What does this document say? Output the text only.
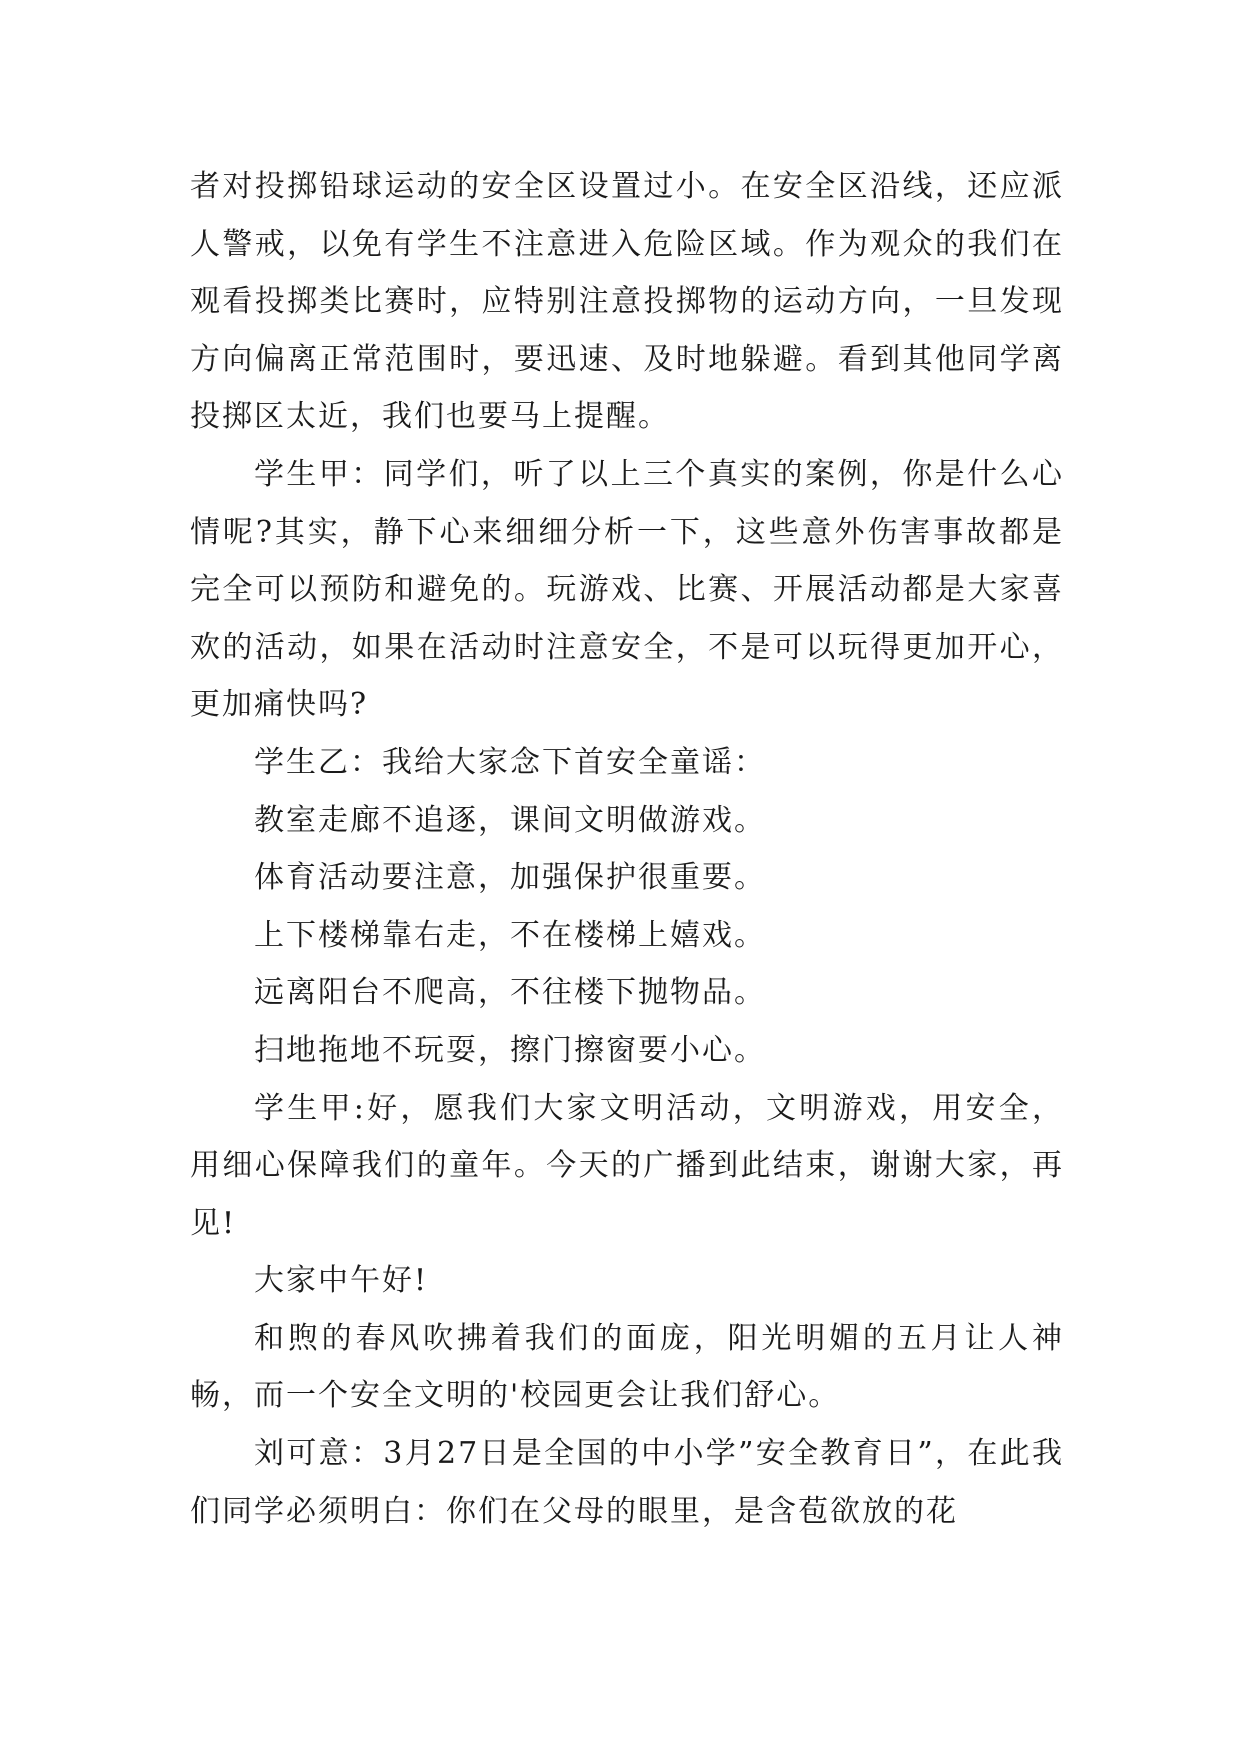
者对投掷铅球运动的安全区设置过小。在安全区沿线，还应派人警戒，以免有学生不注意进入危险区域。作为观众的我们在观看投掷类比赛时，应特别注意投掷物的运动方向，一旦发现方向偏离正常范围时，要迅速、及时地躲避。看到其他同学离投掷区太近，我们也要马上提醒。

学生甲：同学们，听了以上三个真实的案例，你是什么心情呢?其实，静下心来细细分析一下，这些意外伤害事故都是完全可以预防和避免的。玩游戏、比赛、开展活动都是大家喜欢的活动，如果在活动时注意安全，不是可以玩得更加开心，更加痛快吗?

学生乙：我给大家念下首安全童谣：

教室走廊不追逐，课间文明做游戏。

体育活动要注意，加强保护很重要。

上下楼梯靠右走，不在楼梯上嬉戏。

远离阳台不爬高，不往楼下抛物品。

扫地拖地不玩耍，擦门擦窗要小心。

学生甲:好，愿我们大家文明活动，文明游戏，用安全，用细心保障我们的童年。今天的广播到此结束，谢谢大家，再见!

大家中午好!

和煦的春风吹拂着我们的面庞，阳光明媚的五月让人神畅，而一个安全文明的'校园更会让我们舒心。

刘可意：3月27日是全国的中小学”安全教育日”，在此我们同学必须明白：你们在父母的眼里，是含苞欲放的花
